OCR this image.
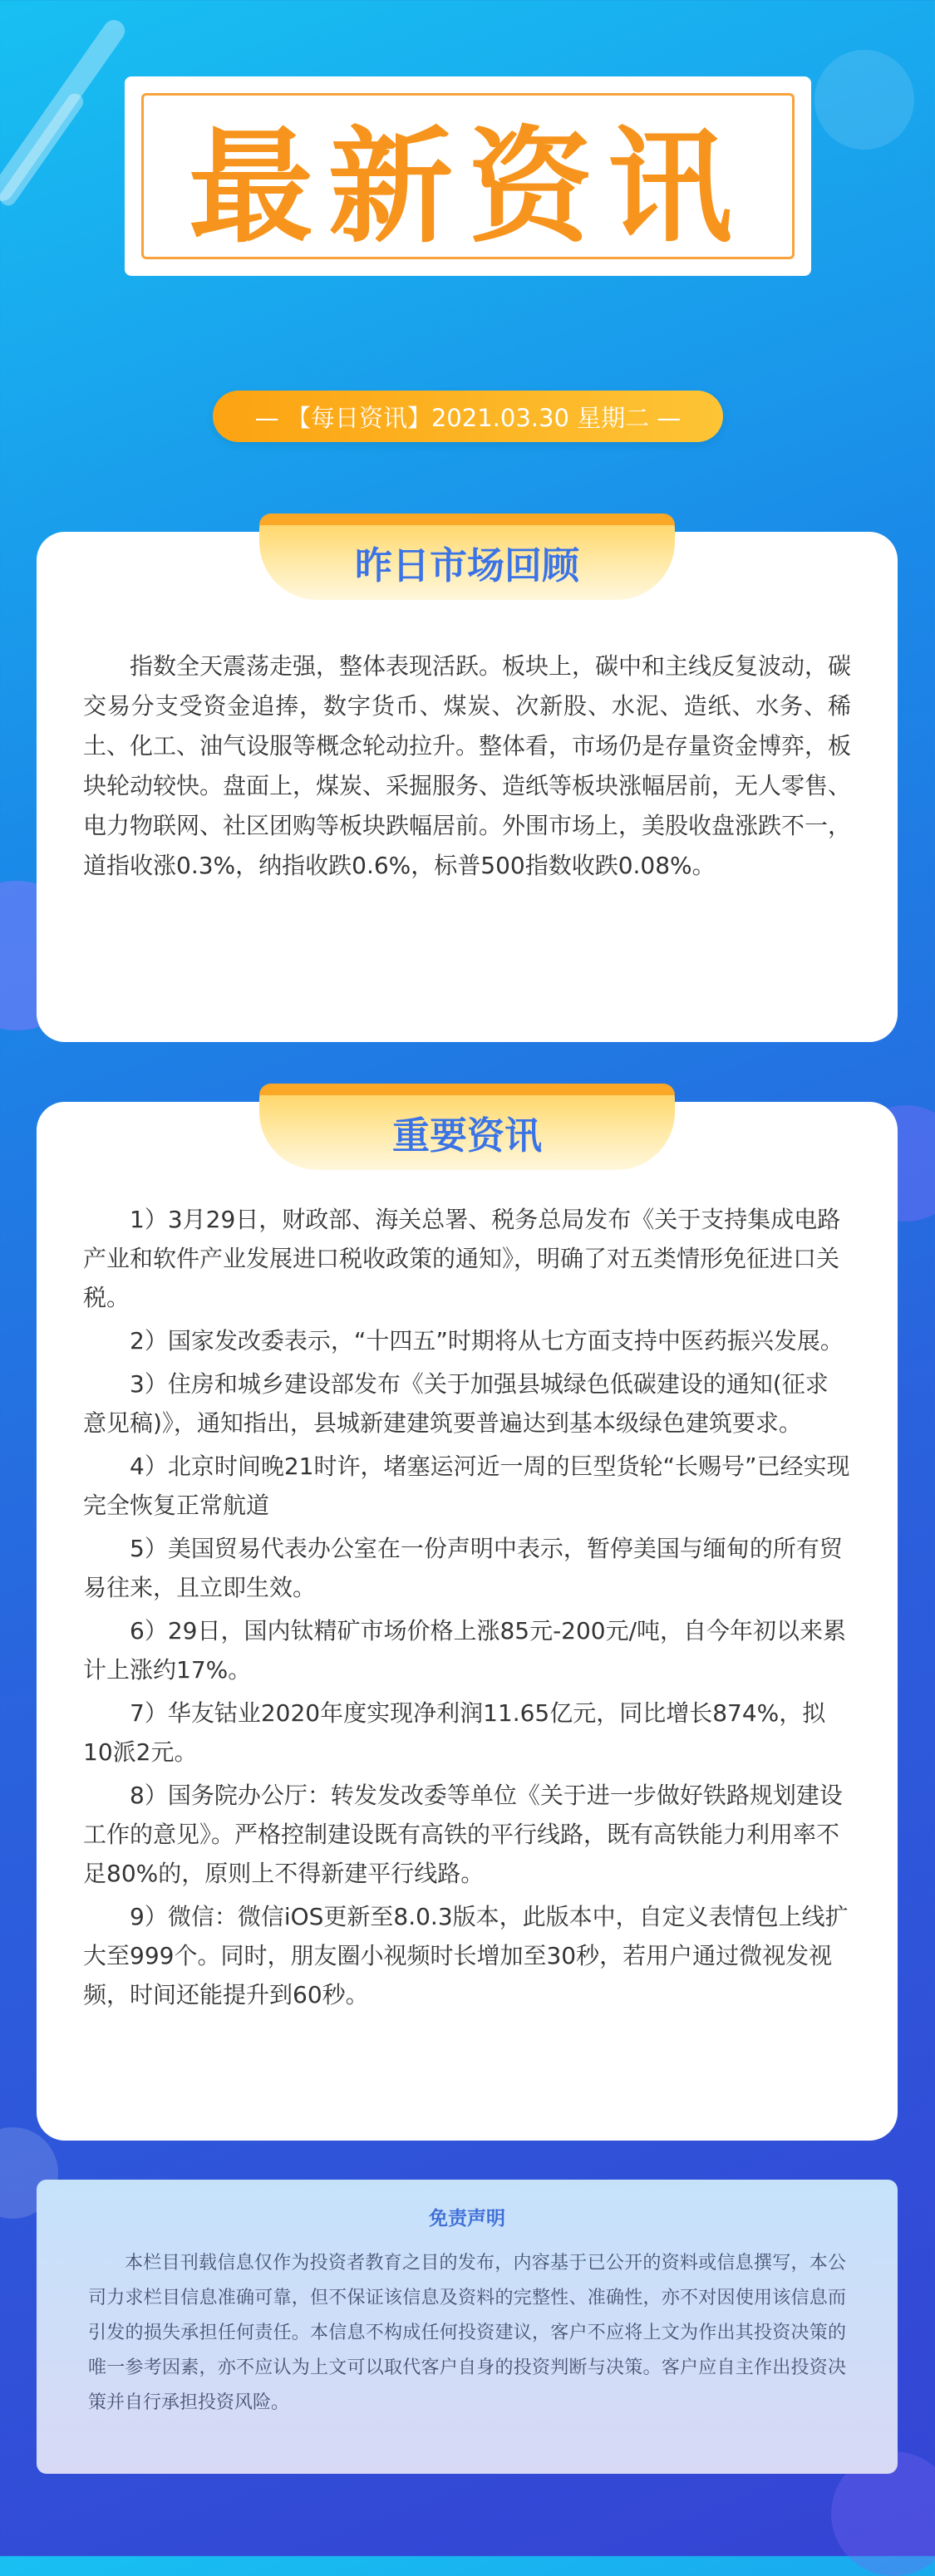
最新资讯
— 【每日资讯】2021.03.30 星期二 —
昨日市场回顾
指数全天震荡走强，整体表现活跃。板块上，碳中和主线反复波动，碳交易分支受资金追捧，数字货币、煤炭、次新股、水泥、造纸、水务、稀土、化工、油气设服等概念轮动拉升。整体看，市场仍是存量资金博弈，板块轮动较快。盘面上，煤炭、采掘服务、造纸等板块涨幅居前，无人零售、电力物联网、社区团购等板块跌幅居前。外围市场上，美股收盘涨跌不一，道指收涨0.3%，纳指收跌0.6%，标普500指数收跌0.08%。
重要资讯
1）3月29日，财政部、海关总署、税务总局发布《关于支持集成电路产业和软件产业发展进口税收政策的通知》，明确了对五类情形免征进口关税。
2）国家发改委表示，“十四五”时期将从七方面支持中医药振兴发展。
3）住房和城乡建设部发布《关于加强县城绿色低碳建设的通知(征求意见稿)》，通知指出，县城新建建筑要普遍达到基本级绿色建筑要求。
4）北京时间晚21时许，堵塞运河近一周的巨型货轮“长赐号”已经实现完全恢复正常航道
5）美国贸易代表办公室在一份声明中表示，暂停美国与缅甸的所有贸易往来，且立即生效。
6）29日，国内钛精矿市场价格上涨85元-200元/吨，自今年初以来累计上涨约17%。
7）华友钴业2020年度实现净利润11.65亿元，同比增长874%，拟10派2元。
8）国务院办公厅：转发发改委等单位《关于进一步做好铁路规划建设工作的意见》。严格控制建设既有高铁的平行线路，既有高铁能力利用率不足80%的，原则上不得新建平行线路。
9）微信：微信iOS更新至8.0.3版本，此版本中，自定义表情包上线扩大至999个。同时，朋友圈小视频时长增加至30秒，若用户通过微视发视频，时间还能提升到60秒。
免责声明
本栏目刊载信息仅作为投资者教育之目的发布，内容基于已公开的资料或信息撰写，本公司力求栏目信息准确可靠，但不保证该信息及资料的完整性、准确性，亦不对因使用该信息而引发的损失承担任何责任。本信息不构成任何投资建议，客户不应将上文为作出其投资决策的唯一参考因素，亦不应认为上文可以取代客户自身的投资判断与决策。客户应自主作出投资决策并自行承担投资风险。
